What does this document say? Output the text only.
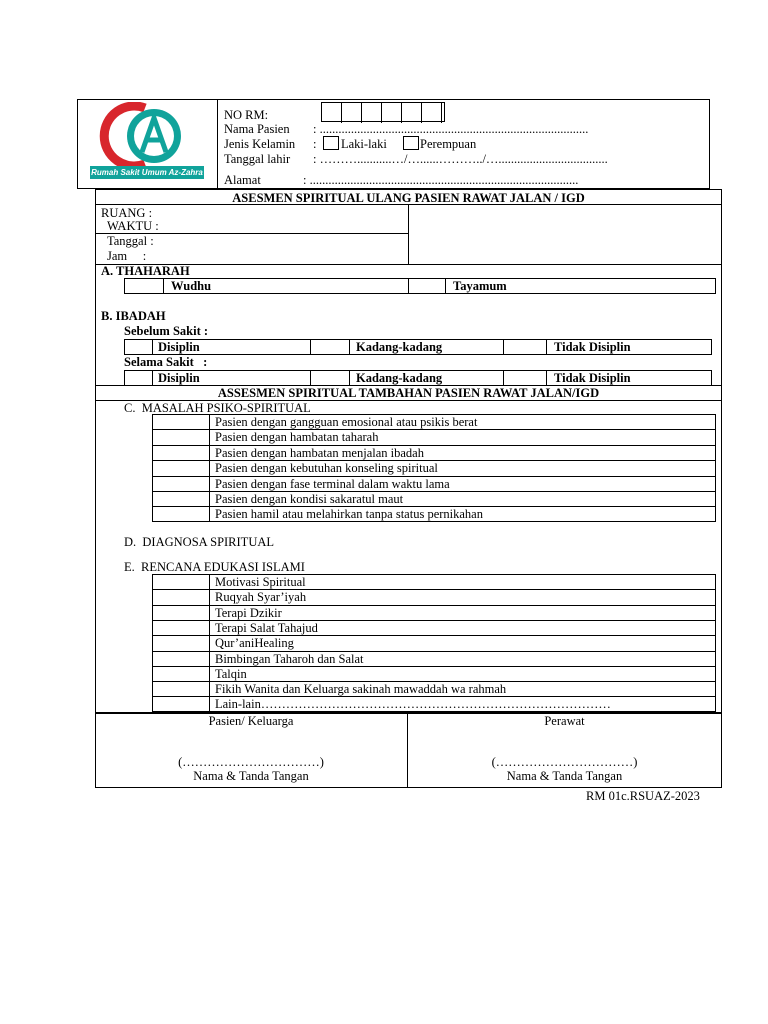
Rumah Sakit Umum Az-Zahra
NO RM:
Nama Pasien : ......................................................................................
Jenis Kelamin : Laki-laki	Perempuan
Tanggal lahir : ………...........…/…......………../…...................................
Alamat	: ......................................................................................
ASESMEN SPIRITUAL ULANG PASIEN RAWAT JALAN / IGD
RUANG :
WAKTU :
Tanggal :
Jam     :
A. THAHARAH
Wudhu	Tayamum
B. IBADAH
Sebelum Sakit :
Disiplin	Kadang-kadang	Tidak Disiplin
Selama Sakit   :
Disiplin	Kadang-kadang	Tidak Disiplin
ASSESMEN SPIRITUAL TAMBAHAN PASIEN RAWAT JALAN/IGD
C.  MASALAH PSIKO-SPIRITUAL
Pasien dengan gangguan emosional atau psikis berat
Pasien dengan hambatan taharah
Pasien dengan hambatan menjalan ibadah
Pasien dengan kebutuhan konseling spiritual
Pasien dengan fase terminal dalam waktu lama
Pasien dengan kondisi sakaratul maut
Pasien hamil atau melahirkan tanpa status pernikahan
D.  DIAGNOSA SPIRITUAL
E.  RENCANA EDUKASI ISLAMI
Motivasi Spiritual
Ruqyah Syar’iyah
Terapi Dzikir
Terapi Salat Tahajud
Qur’aniHealing
Bimbingan Taharoh dan Salat
Talqin
Fikih Wanita dan Keluarga sakinah mawaddah wa rahmah
Lain-lain…………………………………………………………………………
Pasien/ Keluarga	Perawat
(……………………………)	(……………………………)
Nama & Tanda Tangan	Nama & Tanda Tangan
RM 01c.RSUAZ-2023
